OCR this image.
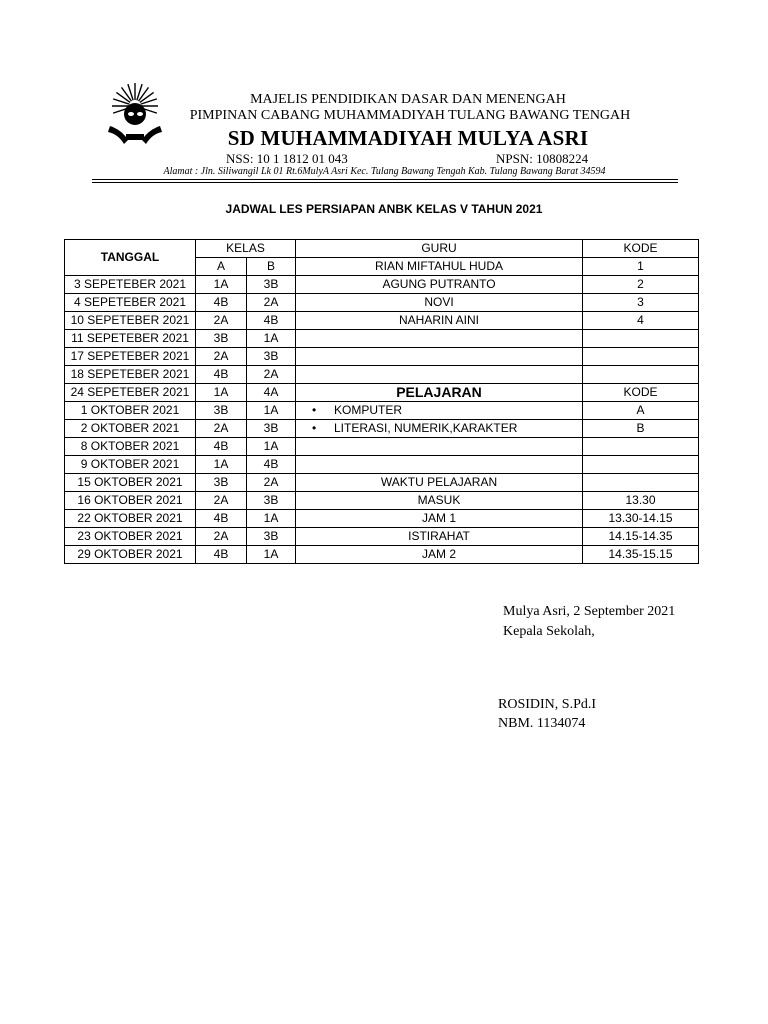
MAJELIS PENDIDIKAN DASAR DAN MENENGAH
PIMPINAN CABANG MUHAMMADIYAH TULANG BAWANG TENGAH
SD MUHAMMADIYAH MULYA ASRI
NSS: 10 1 1812 01 043	NPSN: 10808224
Alamat : Jln. Siliwangil Lk 01 Rt.6MulyA Asri Kec. Tulang Bawang Tengah Kab. Tulang Bawang Barat 34594
JADWAL LES PERSIAPAN ANBK KELAS V TAHUN 2021
TANGGAL	KELAS		GURU	KODE
	A	B	RIAN MIFTAHUL HUDA	1
3 SEPETEBER 2021	1A	3B	AGUNG PUTRANTO	2
4 SEPETEBER 2021	4B	2A	NOVI	3
10 SEPETEBER 2021	2A	4B	NAHARIN AINI	4
11 SEPETEBER 2021	3B	1A		
17 SEPETEBER 2021	2A	3B		
18 SEPETEBER 2021	4B	2A		
24 SEPETEBER 2021	1A	4A	PELAJARAN	KODE
1 OKTOBER 2021	3B	1A	• KOMPUTER	A
2 OKTOBER 2021	2A	3B	• LITERASI, NUMERIK,KARAKTER	B
8 OKTOBER 2021	4B	1A		
9 OKTOBER 2021	1A	4B		
15 OKTOBER 2021	3B	2A	WAKTU PELAJARAN	
16 OKTOBER 2021	2A	3B	MASUK	13.30
22 OKTOBER 2021	4B	1A	JAM 1	13.30-14.15
23 OKTOBER 2021	2A	3B	ISTIRAHAT	14.15-14.35
29 OKTOBER 2021	4B	1A	JAM 2	14.35-15.15
Mulya Asri, 2 September 2021
Kepala Sekolah,
ROSIDIN, S.Pd.I
NBM. 1134074
